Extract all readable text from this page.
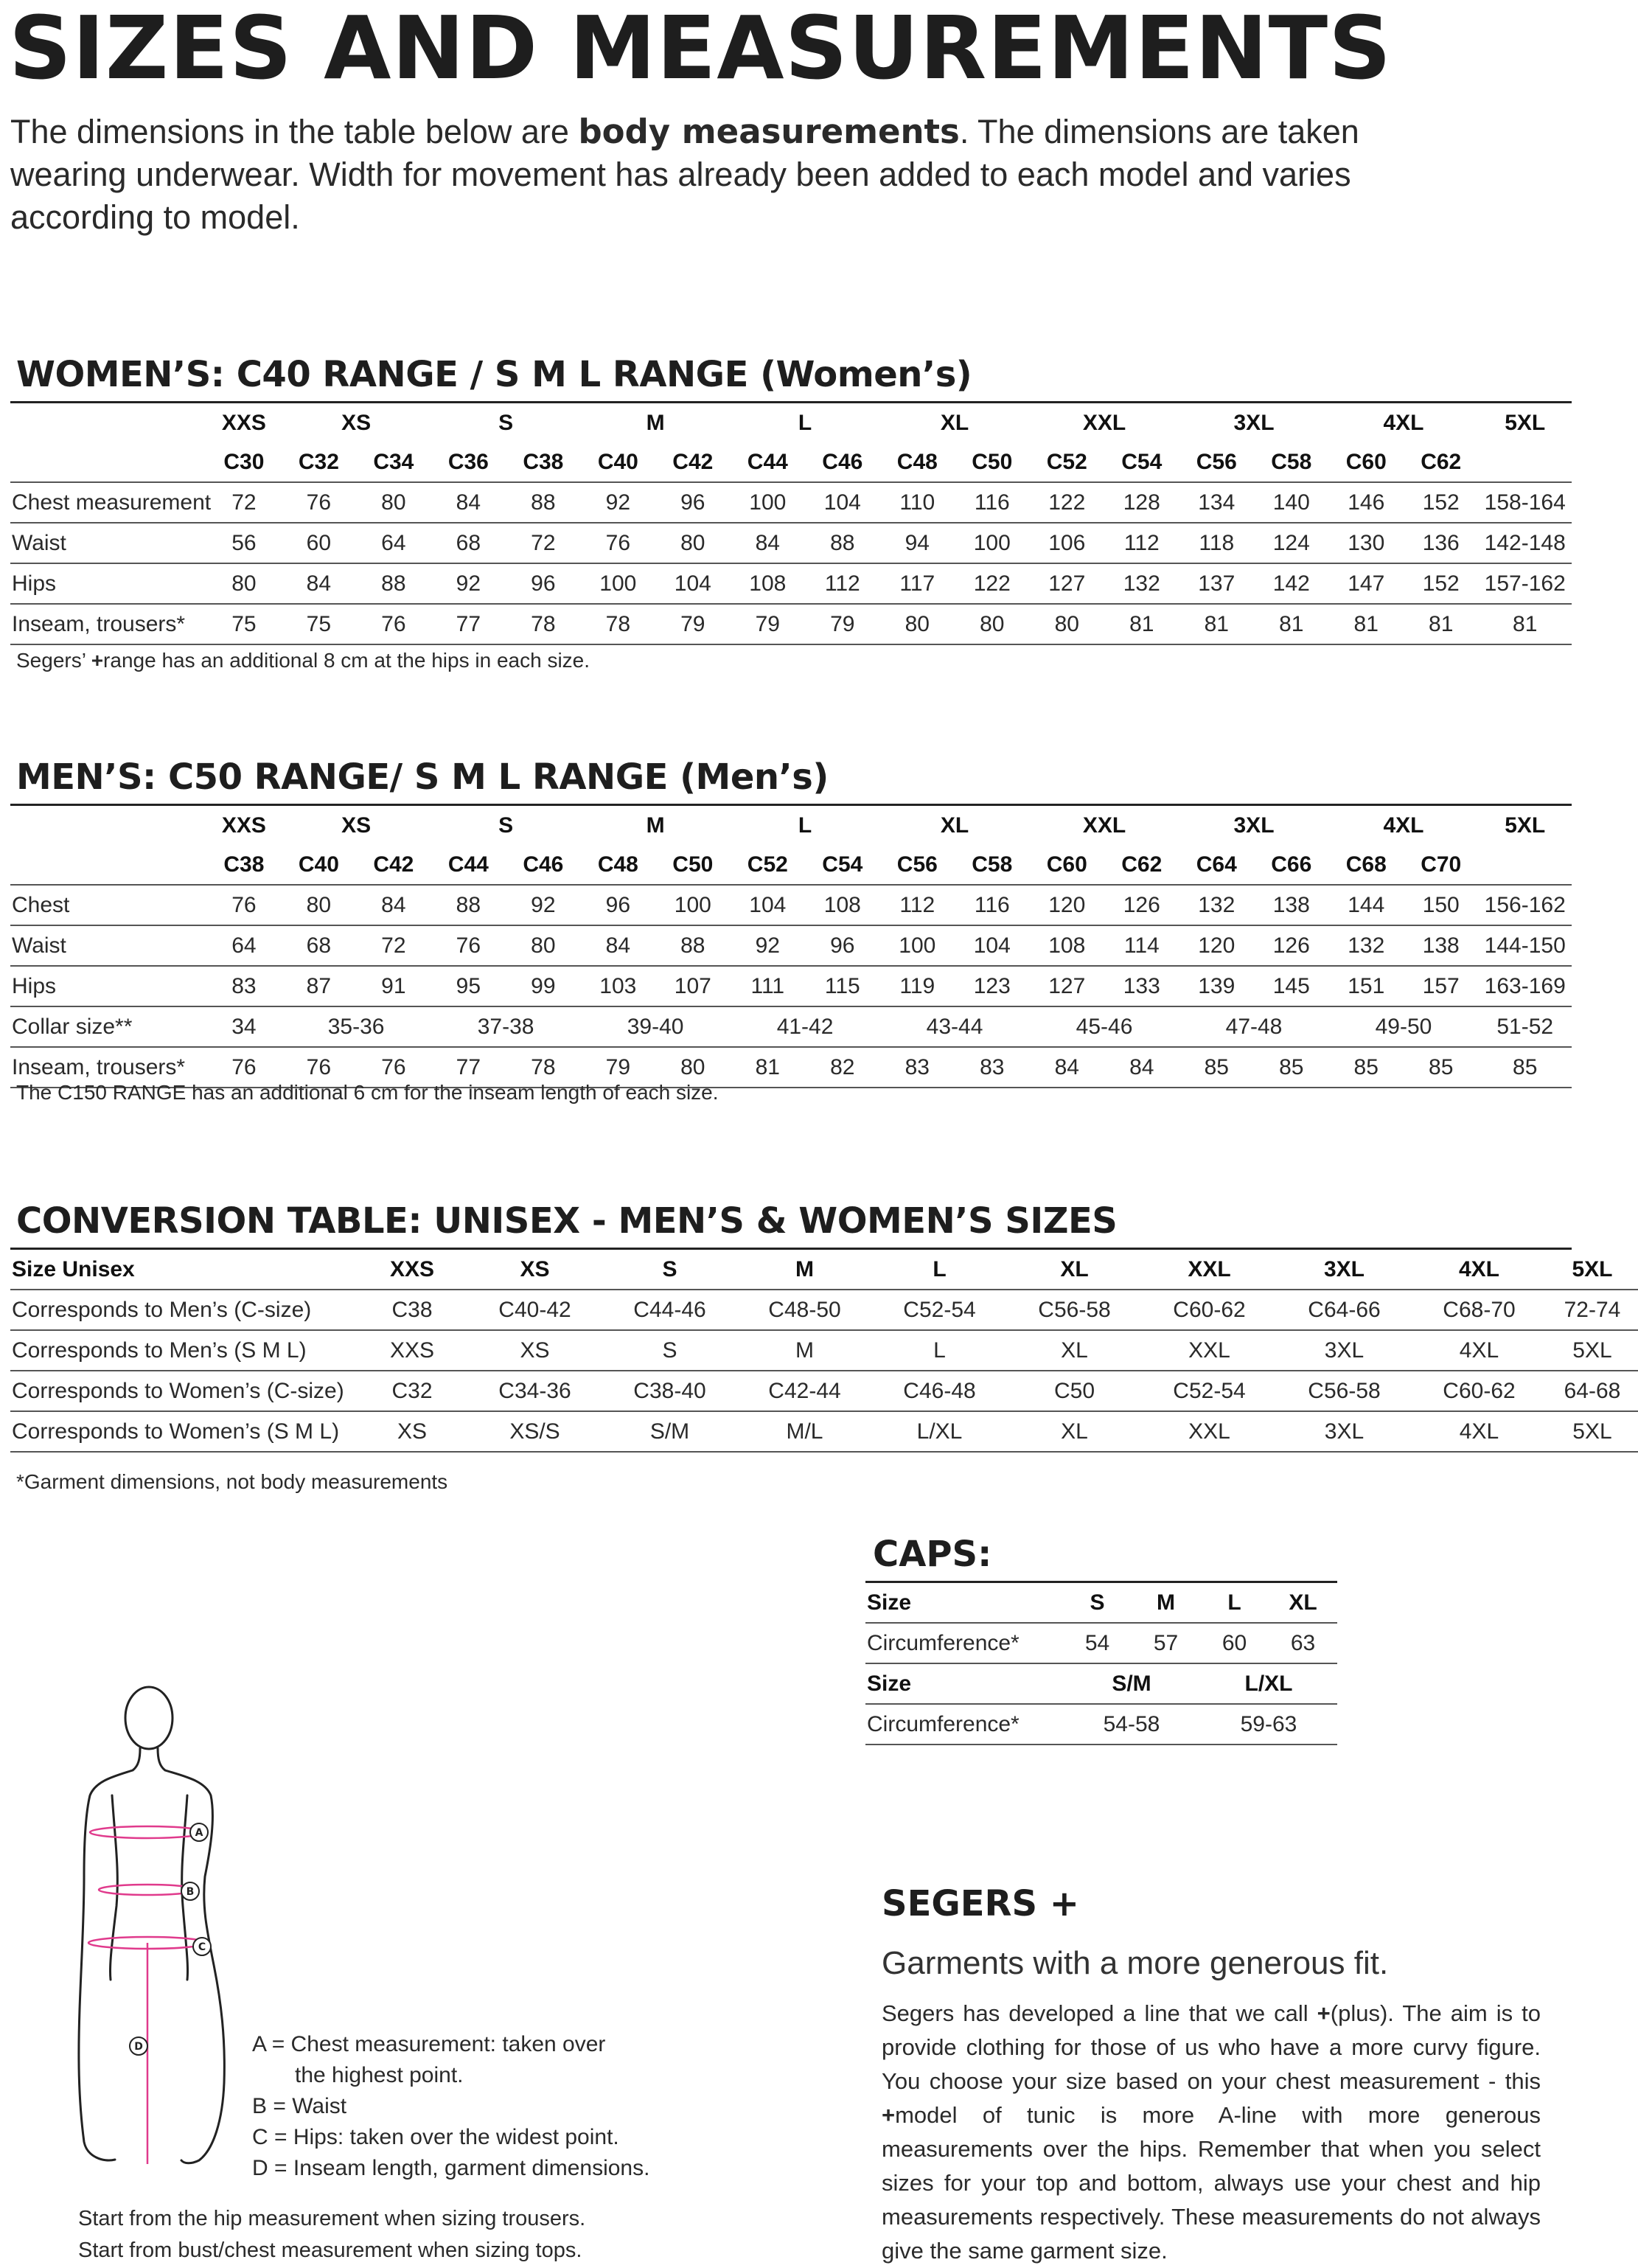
SIZES AND MEASUREMENTS
The dimensions in the table below are body measurements. The dimensions are taken wearing underwear. Width for movement has already been added to each model and varies according to model.
WOMEN’S: C40 RANGE / S M L RANGE (Women’s)
	XXS	XS		S		M		L		XL		XXL		3XL		4XL		5XL
	C30	C32	C34	C36	C38	C40	C42	C44	C46	C48	C50	C52	C54	C56	C58	C60	C62	
Chest measurement	72	76	80	84	88	92	96	100	104	110	116	122	128	134	140	146	152	158-164
Waist	56	60	64	68	72	76	80	84	88	94	100	106	112	118	124	130	136	142-148
Hips	80	84	88	92	96	100	104	108	112	117	122	127	132	137	142	147	152	157-162
Inseam, trousers*	75	75	76	77	78	78	79	79	79	80	80	80	81	81	81	81	81	81
Segers’ +range has an additional 8 cm at the hips in each size.
MEN’S: C50 RANGE/ S M L RANGE (Men’s)
	XXS	XS		S		M		L		XL		XXL		3XL		4XL		5XL
	C38	C40	C42	C44	C46	C48	C50	C52	C54	C56	C58	C60	C62	C64	C66	C68	C70	
Chest	76	80	84	88	92	96	100	104	108	112	116	120	126	132	138	144	150	156-162
Waist	64	68	72	76	80	84	88	92	96	100	104	108	114	120	126	132	138	144-150
Hips	83	87	91	95	99	103	107	111	115	119	123	127	133	139	145	151	157	163-169
Collar size**	34	35-36		37-38		39-40		41-42		43-44		45-46		47-48		49-50		51-52
Inseam, trousers*	76	76	76	77	78	79	80	81	82	83	83	84	84	85	85	85	85	85
The C150 RANGE has an additional 6 cm for the inseam length of each size.
CONVERSION TABLE: UNISEX - MEN’S & WOMEN’S SIZES
Size Unisex	XXS	XS	S	M	L	XL	XXL	3XL	4XL	5XL
Corresponds to Men’s (C-size)	C38	C40-42	C44-46	C48-50	C52-54	C56-58	C60-62	C64-66	C68-70	72-74
Corresponds to Men’s (S M L)	XXS	XS	S	M	L	XL	XXL	3XL	4XL	5XL
Corresponds to Women’s (C-size)	C32	C34-36	C38-40	C42-44	C46-48	C50	C52-54	C56-58	C60-62	64-68
Corresponds to Women’s (S M L)	XS	XS/S	S/M	M/L	L/XL	XL	XXL	3XL	4XL	5XL
*Garment dimensions, not body measurements
CAPS:
Size	S	M	L	XL
Circumference*	54	57	60	63
Size	S/M		L/XL	
Circumference*	54-58		59-63	
A
B
C
D	A = Chest measurement: taken over
the highest point.
B = Waist
C = Hips: taken over the widest point.
D = Inseam length, garment dimensions.
Start from the hip measurement when sizing trousers.
Start from bust/chest measurement when sizing tops.
SEGERS +
Garments with a more generous fit.
Segers has developed a line that we call +(plus). The aim is to provide clothing for those of us who have a more curvy figure. You choose your size based on your chest measurement - this +model of tunic is more A-line with more generous measurements over the hips. Remember that when you select sizes for your top and bottom, always use your chest and hip measurements respectively. These measurements do not always give the same garment size.
